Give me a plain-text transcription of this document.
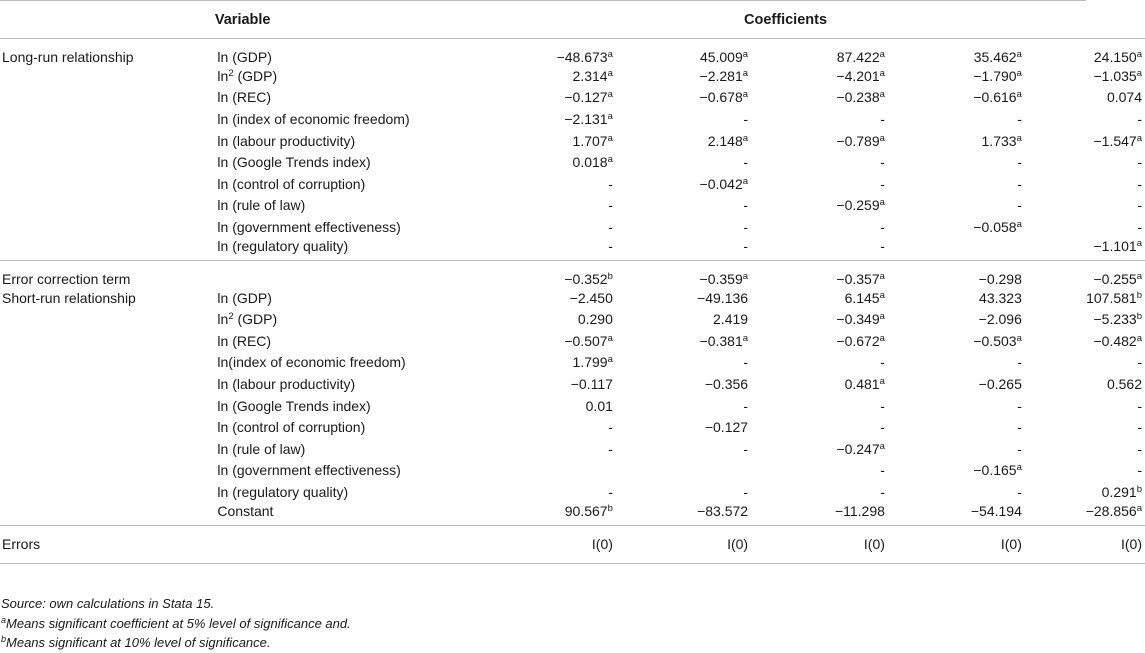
Variable		Coefficients					
Long-run relationship	ln (GDP)	−48.673$^a$	45.009$^a$	87.422$^a$	35.462$^a$		24.150$^a$
	$\ln^2 (GDP)$	2.314$^a$	−2.281$^a$	−4.201$^a$	−1.790$^a$		−1.035$^a$
	ln (REC)	−0.127$^a$	−0.678$^a$	−0.238$^a$	−0.616$^a$		0.074
	ln (index of economic freedom)	−2.131$^a$	-	-	-		-
	ln (labour productivity)	1.707$^a$	2.148$^a$	−0.789$^a$	1.733$^a$		−1.547$^a$
	ln (Google Trends index)	0.018$^a$	-	-	-		-
	ln (control of corruption)	-	−0.042$^a$	-	-		-
	ln (rule of law)	-	-	−0.259$^a$	-		-
	ln (government effectiveness)	-	-	-	−0.058$^a$		-
	ln (regulatory quality)	-	-	-			−1.101$^a$
Error correction term		−0.352$^b$	−0.359$^a$	−0.357$^a$	−0.298		−0.255$^a$
Short-run relationship	ln (GDP)	−2.450	−49.136	6.145$^a$	43.323		107.581$^b$
	$\ln^2 (GDP)$	0.290	2.419	−0.349$^a$	−2.096		−5.233$^b$
	ln (REC)	−0.507$^a$	−0.381$^a$	−0.672$^a$	−0.503$^a$		−0.482$^a$
	ln(index of economic freedom)	1.799$^a$	-	-	-		-
	ln (labour productivity)	−0.117	−0.356	0.481$^a$	−0.265		0.562
	ln (Google Trends index)	0.01	-	-	-		-
	ln (control of corruption)	-	−0.127	-	-		-
	ln (rule of law)	-	-	−0.247$^a$	-		-
	ln (government effectiveness)			-	−0.165$^a$		-
	ln (regulatory quality)	-	-	-	-		0.291$^b$
	Constant	90.567$^b$	−83.572	−11.298	−54.194		−28.856$^a$
Errors		I(0)	I(0)	I(0)	I(0)		I(0)
Source: own calculations in Stata 15.
$^a$Means significant coefficient at 5% level of significance and.
$^b$Means significant at 10% level of significance.
